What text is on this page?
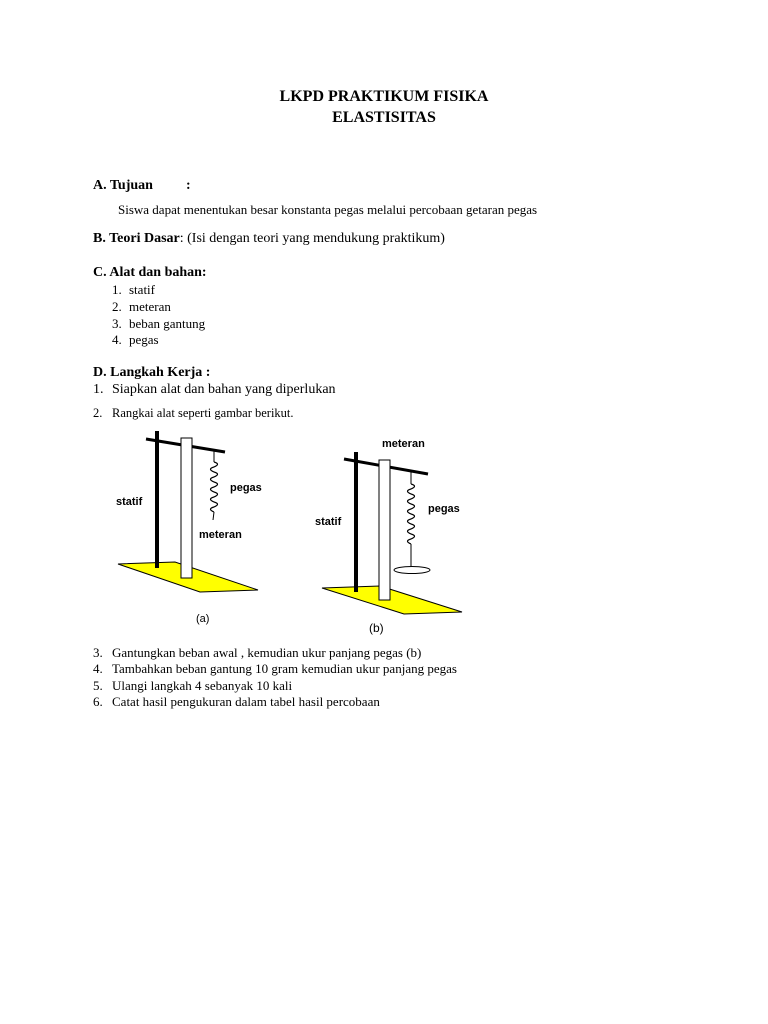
LKPD PRAKTIKUM FISIKA
ELASTISITAS
A. Tujuan :
Siswa dapat menentukan besar konstanta pegas melalui percobaan getaran pegas
B. Teori Dasar: (Isi dengan teori yang mendukung praktikum)
C. Alat dan bahan:
1. statif
2. meteran
3. beban gantung
4. pegas
D. Langkah Kerja :
1. Siapkan alat dan bahan yang diperlukan
2. Rangkai alat seperti gambar berikut.
statif
pegas
meteran
(a)
meteran
pegas
statif
(b)
3. Gantungkan beban awal , kemudian ukur panjang pegas (b)
4. Tambahkan beban gantung 10 gram kemudian ukur panjang pegas
5. Ulangi langkah 4 sebanyak 10 kali
6. Catat hasil pengukuran dalam tabel hasil percobaan
